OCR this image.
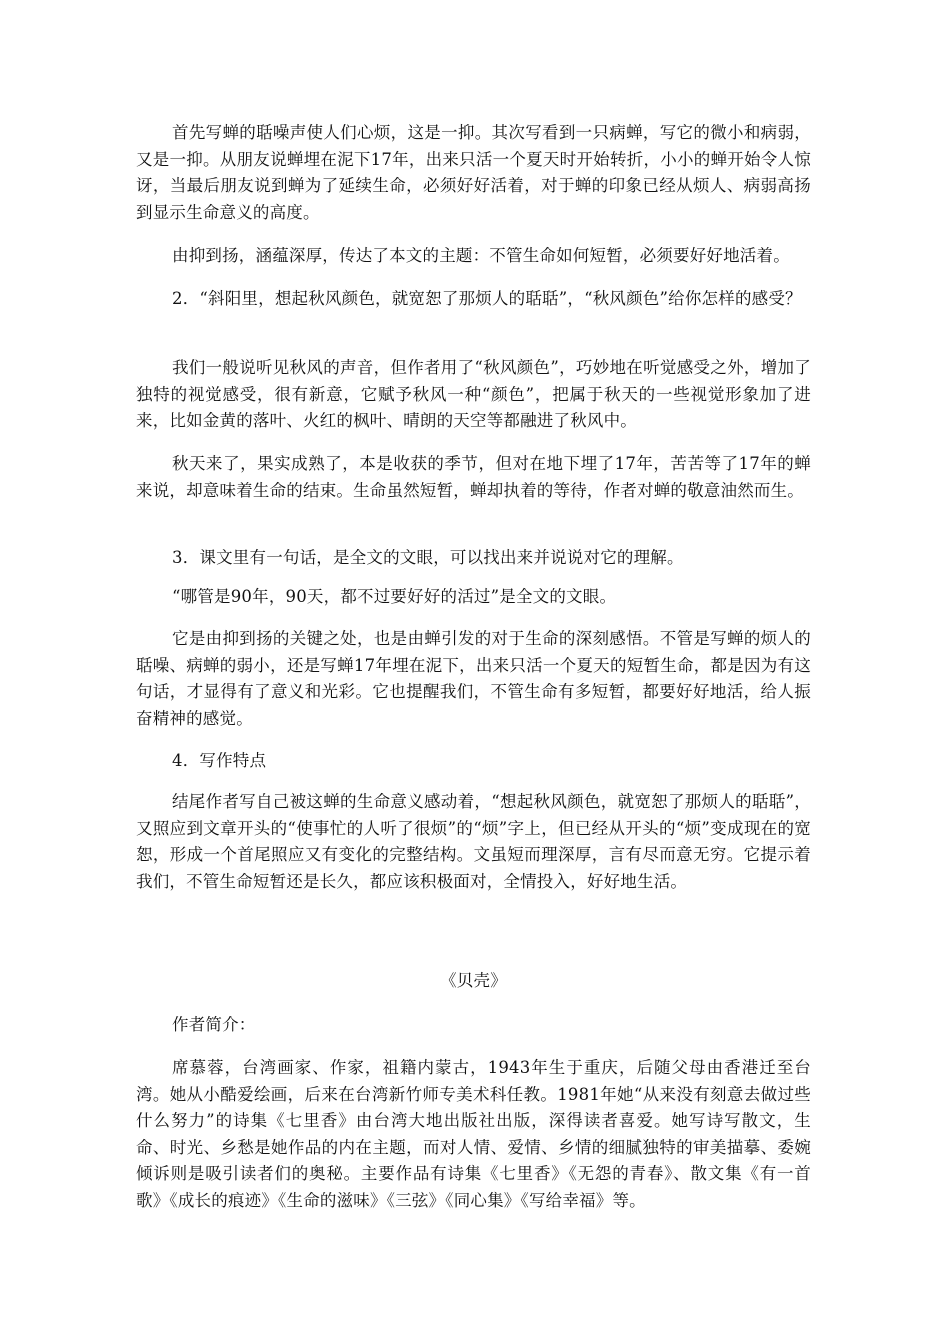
首先写蝉的聒噪声使人们心烦，这是一抑。其次写看到一只病蝉，写它的微小和病弱，又是一抑。从朋友说蝉埋在泥下17年，出来只活一个夏天时开始转折，小小的蝉开始令人惊讶，当最后朋友说到蝉为了延续生命，必须好好活着，对于蝉的印象已经从烦人、病弱高扬到显示生命意义的高度。

由抑到扬，涵蕴深厚，传达了本文的主题：不管生命如何短暂，必须要好好地活着。

2．“斜阳里，想起秋风颜色，就宽恕了那烦人的聒聒”，“秋风颜色”给你怎样的感受？

我们一般说听见秋风的声音，但作者用了“秋风颜色”，巧妙地在听觉感受之外，增加了独特的视觉感受，很有新意，它赋予秋风一种“颜色”，把属于秋天的一些视觉形象加了进来，比如金黄的落叶、火红的枫叶、晴朗的天空等都融进了秋风中。

秋天来了，果实成熟了，本是收获的季节，但对在地下埋了17年，苦苦等了17年的蝉来说，却意味着生命的结束。生命虽然短暂，蝉却执着的等待，作者对蝉的敬意油然而生。

3．课文里有一句话，是全文的文眼，可以找出来并说说对它的理解。

“哪管是90年，90天，都不过要好好的活过”是全文的文眼。

它是由抑到扬的关键之处，也是由蝉引发的对于生命的深刻感悟。不管是写蝉的烦人的聒噪、病蝉的弱小，还是写蝉17年埋在泥下，出来只活一个夏天的短暂生命，都是因为有这句话，才显得有了意义和光彩。它也提醒我们，不管生命有多短暂，都要好好地活，给人振奋精神的感觉。

4．写作特点

结尾作者写自己被这蝉的生命意义感动着，“想起秋风颜色，就宽恕了那烦人的聒聒”，又照应到文章开头的“使事忙的人听了很烦”的“烦”字上，但已经从开头的“烦”变成现在的宽恕，形成一个首尾照应又有变化的完整结构。文虽短而理深厚，言有尽而意无穷。它提示着我们，不管生命短暂还是长久，都应该积极面对，全情投入，好好地生活。

《贝壳》

作者简介：

席慕蓉，台湾画家、作家，祖籍内蒙古，1943年生于重庆，后随父母由香港迁至台湾。她从小酷爱绘画，后来在台湾新竹师专美术科任教。1981年她“从来没有刻意去做过些什么努力”的诗集《七里香》由台湾大地出版社出版，深得读者喜爱。她写诗写散文，生命、时光、乡愁是她作品的内在主题，而对人情、爱情、乡情的细腻独特的审美描摹、委婉倾诉则是吸引读者们的奥秘。主要作品有诗集《七里香》《无怨的青春》、散文集《有一首歌》《成长的痕迹》《生命的滋味》《三弦》《同心集》《写给幸福》等。
